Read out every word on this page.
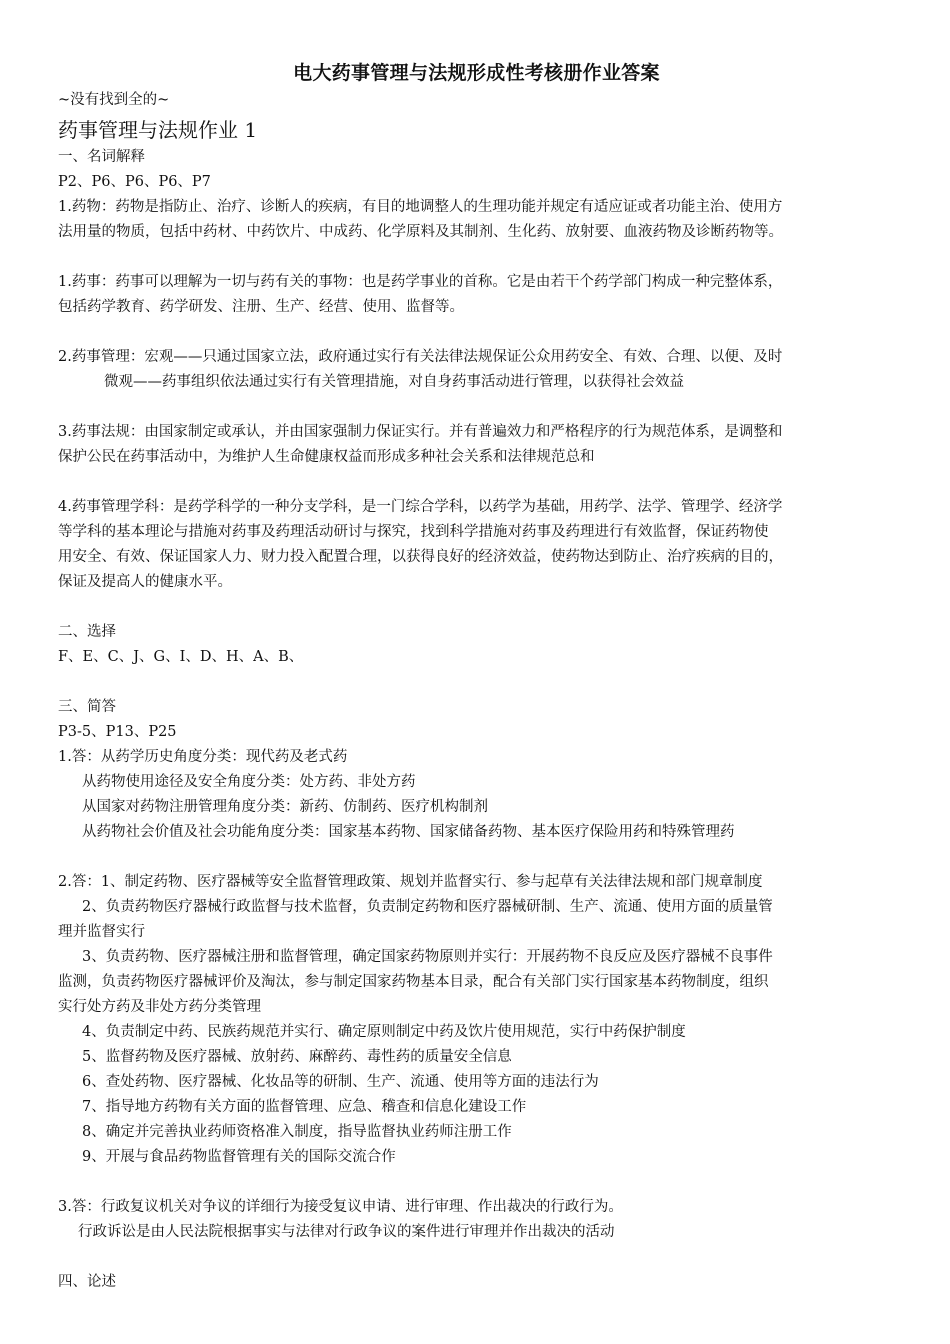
电大药事管理与法规形成性考核册作业答案

~没有找到全的~

药事管理与法规作业 1

一、名词解释

P2、P6、P6、P6、P7

1.药物：药物是指防止、治疗、诊断人的疾病，有目的地调整人的生理功能并规定有适应证或者功能主治、使用方

法用量的物质，包括中药材、中药饮片、中成药、化学原料及其制剂、生化药、放射要、血液药物及诊断药物等。

1.药事：药事可以理解为一切与药有关的事物：也是药学事业的首称。它是由若干个药学部门构成一种完整体系，

包括药学教育、药学研发、注册、生产、经营、使用、监督等。

2.药事管理：宏观——只通过国家立法，政府通过实行有关法律法规保证公众用药安全、有效、合理、以便、及时

微观——药事组织依法通过实行有关管理措施，对自身药事活动进行管理，以获得社会效益

3.药事法规：由国家制定或承认，并由国家强制力保证实行。并有普遍效力和严格程序的行为规范体系，是调整和

保护公民在药事活动中，为维护人生命健康权益而形成多种社会关系和法律规范总和

4.药事管理学科：是药学科学的一种分支学科，是一门综合学科，以药学为基础，用药学、法学、管理学、经济学

等学科的基本理论与措施对药事及药理活动研讨与探究，找到科学措施对药事及药理进行有效监督，保证药物使

用安全、有效、保证国家人力、财力投入配置合理，以获得良好的经济效益，使药物达到防止、治疗疾病的目的，

保证及提高人的健康水平。

二、选择

F、E、C、J、G、I、D、H、A、B、

三、简答

P3-5、P13、P25

1.答：从药学历史角度分类：现代药及老式药

从药物使用途径及安全角度分类：处方药、非处方药

从国家对药物注册管理角度分类：新药、仿制药、医疗机构制剂

从药物社会价值及社会功能角度分类：国家基本药物、国家储备药物、基本医疗保险用药和特殊管理药

2.答：1、制定药物、医疗器械等安全监督管理政策、规划并监督实行、参与起草有关法律法规和部门规章制度

2、负责药物医疗器械行政监督与技术监督，负责制定药物和医疗器械研制、生产、流通、使用方面的质量管

理并监督实行

3、负责药物、医疗器械注册和监督管理，确定国家药物原则并实行：开展药物不良反应及医疗器械不良事件

监测，负责药物医疗器械评价及淘汰，参与制定国家药物基本目录，配合有关部门实行国家基本药物制度，组织

实行处方药及非处方药分类管理

4、负责制定中药、民族药规范并实行、确定原则制定中药及饮片使用规范，实行中药保护制度

5、监督药物及医疗器械、放射药、麻醉药、毒性药的质量安全信息

6、查处药物、医疗器械、化妆品等的研制、生产、流通、使用等方面的违法行为

7、指导地方药物有关方面的监督管理、应急、稽查和信息化建设工作

8、确定并完善执业药师资格准入制度，指导监督执业药师注册工作

9、开展与食品药物监督管理有关的国际交流合作

3.答：行政复议机关对争议的详细行为接受复议申请、进行审理、作出裁决的行政行为。

行政诉讼是由人民法院根据事实与法律对行政争议的案件进行审理并作出裁决的活动

四、论述
